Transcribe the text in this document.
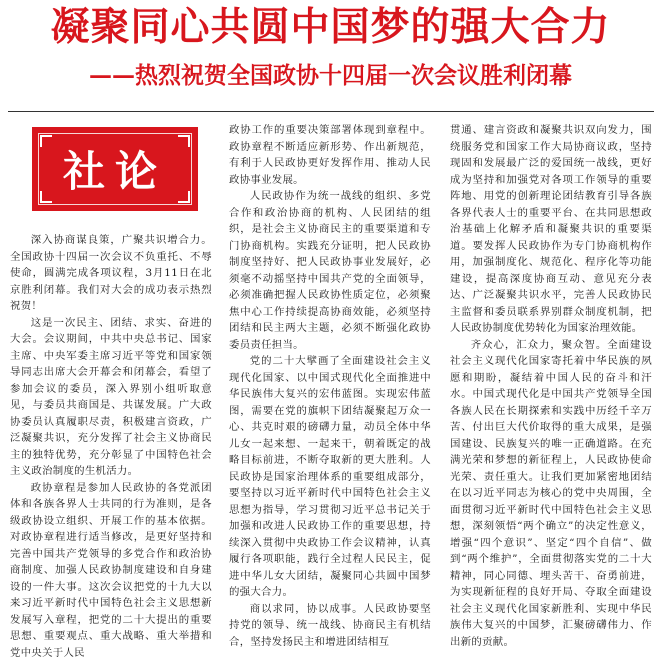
凝聚同心共圆中国梦的强大合力
——热烈祝贺全国政协十四届一次会议胜利闭幕
社论

深入协商谋良策，广聚共识增合力。全国政协十四届一次会议不负重托、不辱使命，圆满完成各项议程，3月11日在北京胜利闭幕。我们对大会的成功表示热烈祝贺！

这是一次民主、团结、求实、奋进的大会。会议期间，中共中央总书记、国家主席、中央军委主席习近平等党和国家领导同志出席大会开幕会和闭幕会，看望了参加会议的委员，深入界别小组听取意见，与委员共商国是、共谋发展。广大政协委员认真履职尽责，积极建言资政，广泛凝聚共识，充分发挥了社会主义协商民主的独特优势，充分彰显了中国特色社会主义政治制度的生机活力。

政协章程是参加人民政协的各党派团体和各族各界人士共同的行为准则，是各级政协设立组织、开展工作的基本依据。对政协章程进行适当修改，是更好坚持和完善中国共产党领导的多党合作和政治协商制度、加强人民政协制度建设和自身建设的一件大事。这次会议把党的十九大以来习近平新时代中国特色社会主义思想新发展写入章程，把党的二十大提出的重要思想、重要观点、重大战略、重大举措和党中央关于人民

政协工作的重要决策部署体现到章程中。政协章程不断适应新形势、作出新规范，有利于人民政协更好发挥作用、推动人民政协事业发展。

人民政协作为统一战线的组织、多党合作和政治协商的机构、人民团结的组织，是社会主义协商民主的重要渠道和专门协商机构。实践充分证明，把人民政协制度坚持好、把人民政协事业发展好，必须毫不动摇坚持中国共产党的全面领导，必须准确把握人民政协性质定位，必须聚焦中心工作持续提高协商效能，必须坚持团结和民主两大主题，必须不断强化政协委员责任担当。

党的二十大擘画了全面建设社会主义现代化国家、以中国式现代化全面推进中华民族伟大复兴的宏伟蓝图。实现宏伟蓝图，需要在党的旗帜下团结凝聚起万众一心、共克时艰的磅礴力量，动员全体中华儿女一起来想、一起来干，朝着既定的战略目标前进，不断夺取新的更大胜利。人民政协是国家治理体系的重要组成部分，要坚持以习近平新时代中国特色社会主义思想为指导，学习贯彻习近平总书记关于加强和改进人民政协工作的重要思想，持续深入贯彻中央政协工作会议精神，认真履行各项职能，践行全过程人民民主，促进中华儿女大团结，凝聚同心共圆中国梦的强大合力。

商以求同，协以成事。人民政协要坚持党的领导、统一战线、协商民主有机结合，坚持发扬民主和增进团结相互

贯通、建言资政和凝聚共识双向发力，围绕服务党和国家工作大局协商议政，坚持现固和发展最广泛的爱国统一战线，更好成为坚持和加强党对各项工作领导的重要阵地、用党的创新理论团结教育引导各族各界代表人士的重要平台、在共同思想政治基础上化解矛盾和凝聚共识的重要渠道。要发挥人民政协作为专门协商机构作用，加强制度化、规范化、程序化等功能建设，提高深度协商互动、意见充分表达、广泛凝聚共识水平，完善人民政协民主监督和委员联系界别群众制度机制，把人民政协制度优势转化为国家治理效能。

齐众心，汇众力，聚众智。全面建设社会主义现代化国家寄托着中华民族的夙愿和期盼，凝结着中国人民的奋斗和汗水。中国式现代化是中国共产党领导全国各族人民在长期探索和实践中历经千辛万苦、付出巨大代价取得的重大成果，是强国建设、民族复兴的唯一正确道路。在充满光荣和梦想的新征程上，人民政协使命光荣、责任重大。让我们更加紧密地团结在以习近平同志为核心的党中央周围，全面贯彻习近平新时代中国特色社会主义思想，深刻领悟“两个确立”的决定性意义，增强“四个意识”、坚定“四个自信”、做到“两个维护”，全面贯彻落实党的二十大精神，同心同德、埋头苦干、奋勇前进，为实现新征程的良好开局、夺取全面建设社会主义现代化国家新胜利、实现中华民族伟大复兴的中国梦，汇聚磅礴伟力、作出新的贡献。
